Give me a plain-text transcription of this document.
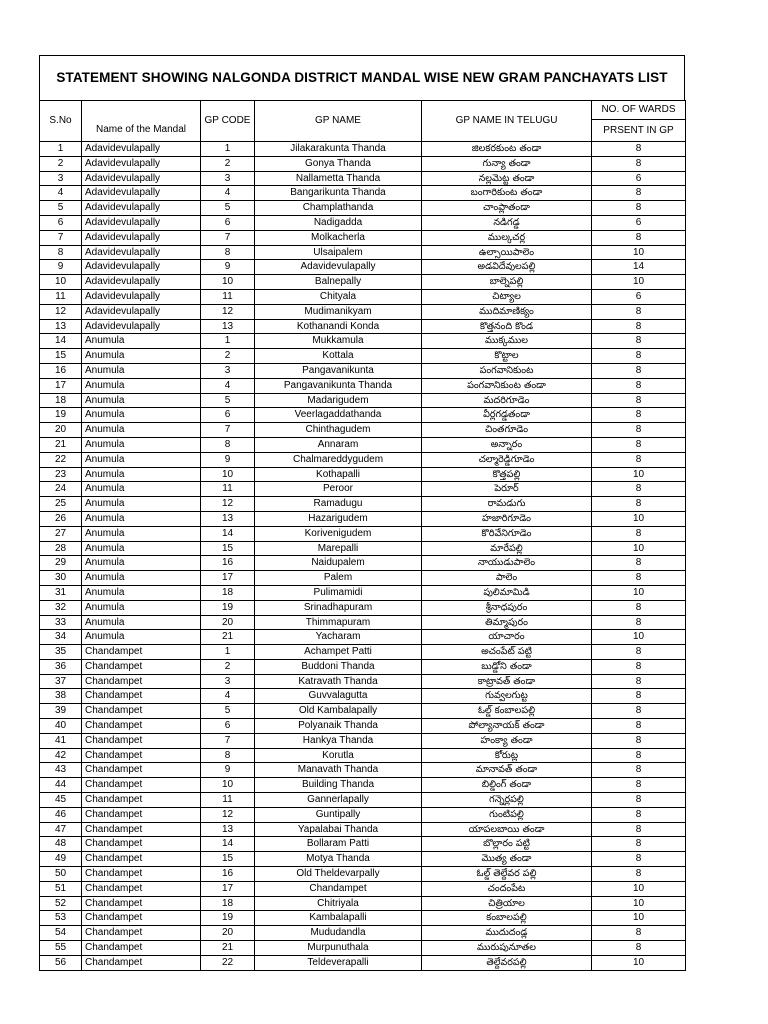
STATEMENT SHOWING NALGONDA DISTRICT MANDAL WISE NEW GRAM PANCHAYATS LIST
S.No	Name of the Mandal	GP CODE	GP NAME	GP NAME IN TELUGU	NO. OF WARDS
					PRSENT IN GP
1	Adavidevulapally	1	Jilakarakunta Thanda	జిలకరకుంట తండా	8
2	Adavidevulapally	2	Gonya Thanda	గున్యా తండా	8
3	Adavidevulapally	3	Nallametta Thanda	నల్లమెట్ట తండా	6
4	Adavidevulapally	4	Bangarikunta Thanda	బంగారికుంట తండా	8
5	Adavidevulapally	5	Champlathanda	చాంప్లాతండా	8
6	Adavidevulapally	6	Nadigadda	నడిగడ్డ	6
7	Adavidevulapally	7	Molkacherla	ముల్కచర్ల	8
8	Adavidevulapally	8	Ulsaipalem	ఉల్సాయిపాలెం	10
9	Adavidevulapally	9	Adavidevulapally	అడవిదేవులపల్లి	14
10	Adavidevulapally	10	Balnepally	బాల్నెపల్లి	10
11	Adavidevulapally	11	Chityala	చిట్యాల	6
12	Adavidevulapally	12	Mudimanikyam	ముదిమాణిక్యం	8
13	Adavidevulapally	13	Kothanandi Konda	కొత్తనంది కొండ	8
14	Anumula	1	Mukkamula	ముక్కముల	8
15	Anumula	2	Kottala	కొట్టాల	8
16	Anumula	3	Pangavanikunta	పంగవానికుంట	8
17	Anumula	4	Pangavanikunta Thanda	పంగవానికుంట తండా	8
18	Anumula	5	Madarigudem	మదరిగూడెం	8
19	Anumula	6	Veerlagaddathanda	వీర్లగడ్డతండా	8
20	Anumula	7	Chinthagudem	చింతగూడెం	8
21	Anumula	8	Annaram	అన్నారం	8
22	Anumula	9	Chalmareddygudem	చల్మారెడ్డిగూడెం	8
23	Anumula	10	Kothapalli	కొత్తపల్లి	10
24	Anumula	11	Peroor	పెరూర్	8
25	Anumula	12	Ramadugu	రామడుగు	8
26	Anumula	13	Hazarigudem	హజారిగూడెం	10
27	Anumula	14	Korivenigudem	కొరివేనిగూడెం	8
28	Anumula	15	Marepalli	మారేపల్లి	10
29	Anumula	16	Naidupalem	నాయుడుపాలెం	8
30	Anumula	17	Palem	పాలెం	8
31	Anumula	18	Pulimamidi	పులిమామిడి	10
32	Anumula	19	Srinadhapuram	శ్రీనాధపురం	8
33	Anumula	20	Thimmapuram	తిమ్మాపురం	8
34	Anumula	21	Yacharam	యాచారం	10
35	Chandampet	1	Achampet Patti	అచంపేట్ పట్టి	8
36	Chandampet	2	Buddoni Thanda	బుడ్డోని తండా	8
37	Chandampet	3	Katravath Thanda	కాట్రావత్ తండా	8
38	Chandampet	4	Guvvalagutta	గువ్వలగుట్ట	8
39	Chandampet	5	Old Kambalapally	ఓల్డ్ కంబాలపల్లి	8
40	Chandampet	6	Polyanaik Thanda	పోల్యానాయక్ తండా	8
41	Chandampet	7	Hankya Thanda	హంక్యా తండా	8
42	Chandampet	8	Korutla	కోరుట్ల	8
43	Chandampet	9	Manavath Thanda	మానావత్ తండా	8
44	Chandampet	10	Building Thanda	బిల్డింగ్ తండా	8
45	Chandampet	11	Gannerlapally	గన్నెర్లపల్లి	8
46	Chandampet	12	Guntipally	గుంటిపల్లి	8
47	Chandampet	13	Yapalabai Thanda	యాపలబాయి తండా	8
48	Chandampet	14	Bollaram Patti	బొల్లారం పట్టి	8
49	Chandampet	15	Motya Thanda	మొత్య తండా	8
50	Chandampet	16	Old Theldevarpally	ఓల్డ్ తెల్దేవర పల్లి	8
51	Chandampet	17	Chandampet	చందంపేట	10
52	Chandampet	18	Chitriyala	చిత్రియాల	10
53	Chandampet	19	Kambalapalli	కంబాలపల్లి	10
54	Chandampet	20	Mududandla	ముదుదండ్ల	8
55	Chandampet	21	Murpunuthala	మురుపునూతల	8
56	Chandampet	22	Teldeverapalli	తెల్దేవరపల్లి	10
